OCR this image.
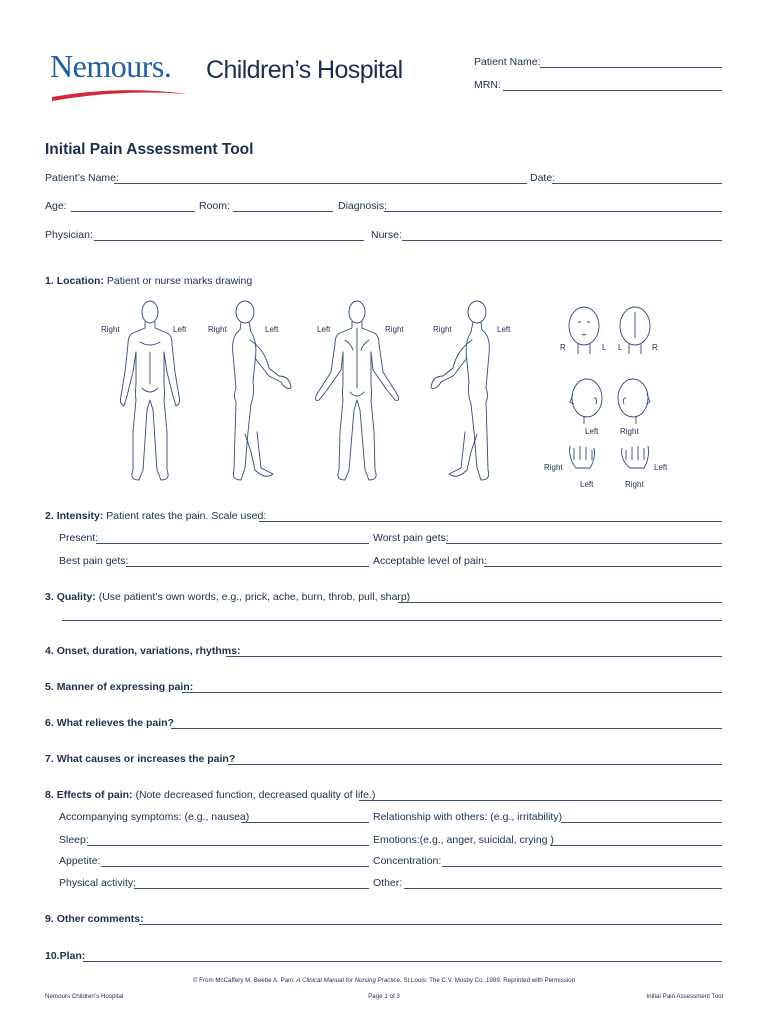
Nemours. Children’s Hospital	Patient Name:
MRN:
Initial Pain Assessment Tool
Patient’s Name:	Date:
Age:	Room:	Diagnosis:
Physician:	Nurse:
1. Location: Patient or nurse marks drawing
Right	Left	Right	Left	Left	Right	Right	Left
R	L L	R
Left	Right
Right
Left	Right
Left
2. Intensity: Patient rates the pain. Scale used:
Present:	Worst pain gets:
Best pain gets:	Acceptable level of pain:
3. Quality: (Use patient’s own words, e.g., prick, ache, burn, throb, pull, sharp)
4. Onset, duration, variations, rhythms:
5. Manner of expressing pain:
6. What relieves the pain?
7. What causes or increases the pain?
8. Effects of pain: (Note decreased function, decreased quality of life.)
Accompanying symptoms: (e.g., nausea)	Relationship with others: (e.g., irritability)
Sleep:	Emotions:(e.g., anger, suicidal, crying )
Appetite:	Concentration:
Physical activity:	Other:
9. Other comments:
10.Plan:
© From McCaffery M, Beebe A. Pain: A Clinical Manual for Nursing Practice. St Louis: The C.V. Mosby Co.,1989. Reprinted with Permission
Nemours Children’s Hospital	Page 1 of 3	Initial Pain Assessment Tool
